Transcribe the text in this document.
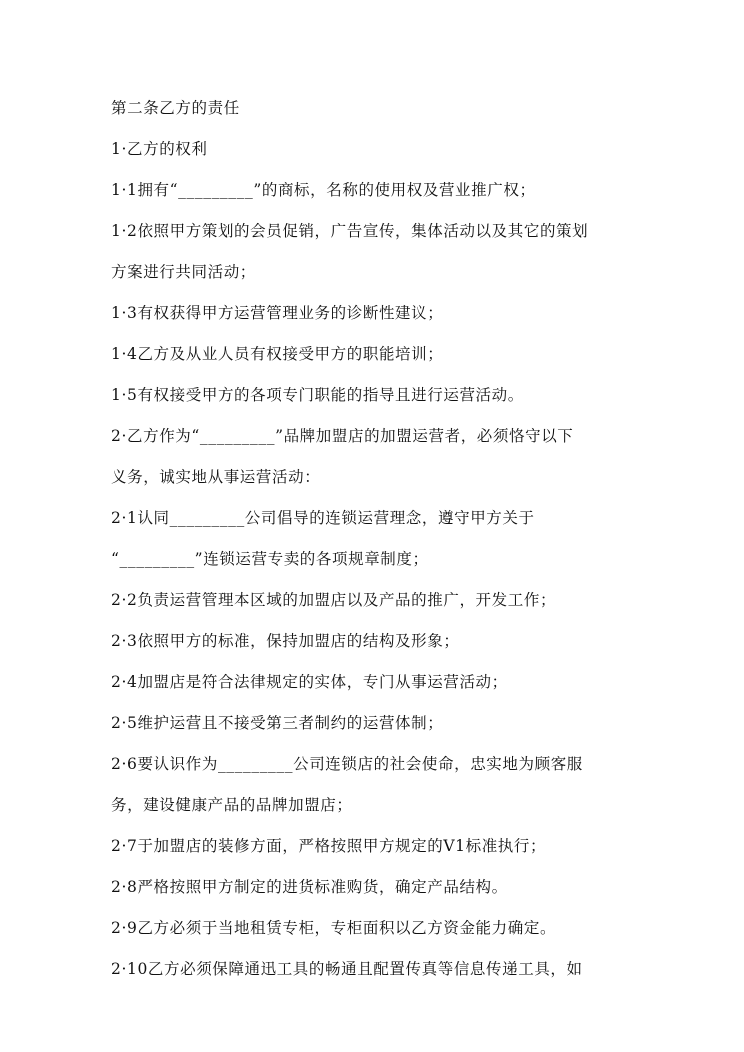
第二条乙方的责任
1·乙方的权利
1·1拥有“_________”的商标，名称的使用权及营业推广权；
1·2依照甲方策划的会员促销，广告宣传，集体活动以及其它的策划
方案进行共同活动；
1·3有权获得甲方运营管理业务的诊断性建议；
1·4乙方及从业人员有权接受甲方的职能培训；
1·5有权接受甲方的各项专门职能的指导且进行运营活动。
2·乙方作为“_________”品牌加盟店的加盟运营者，必须恪守以下
义务，诚实地从事运营活动：
2·1认同_________公司倡导的连锁运营理念，遵守甲方关于
“_________”连锁运营专卖的各项规章制度；
2·2负责运营管理本区域的加盟店以及产品的推广，开发工作；
2·3依照甲方的标准，保持加盟店的结构及形象；
2·4加盟店是符合法律规定的实体，专门从事运营活动；
2·5维护运营且不接受第三者制约的运营体制；
2·6要认识作为_________公司连锁店的社会使命，忠实地为顾客服
务，建设健康产品的品牌加盟店；
2·7于加盟店的装修方面，严格按照甲方规定的V1标准执行；
2·8严格按照甲方制定的进货标准购货，确定产品结构。
2·9乙方必须于当地租赁专柜，专柜面积以乙方资金能力确定。
2·10乙方必须保障通迅工具的畅通且配置传真等信息传递工具，如
